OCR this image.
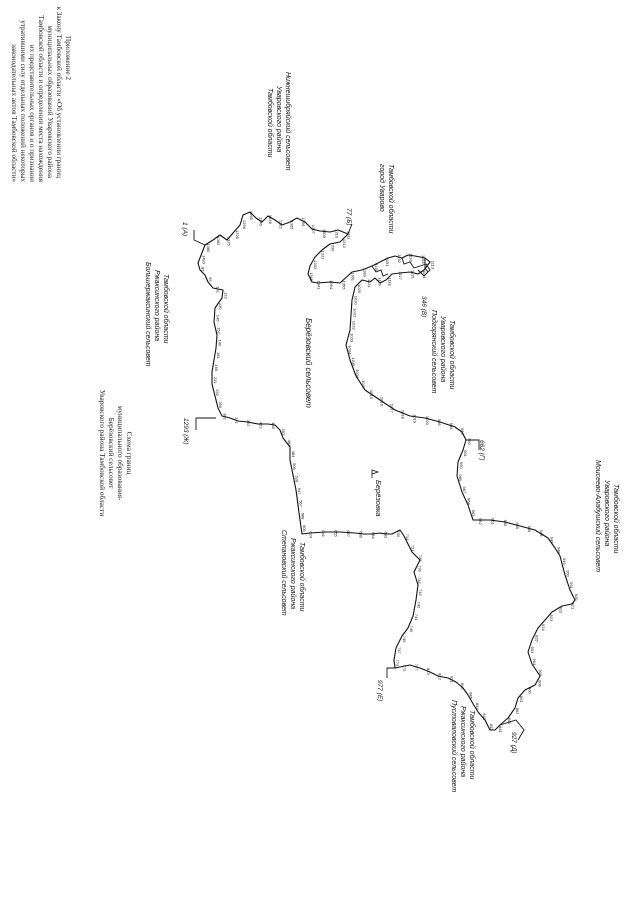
Приложение 2
к Закону Тамбовской области «Об установлении границ
муниципальных образований Уваровского района
Тамбовской области и определении места нахождения
их представительных органов и о признании
утратившими силу отдельных положений некоторых
законодательных актов Тамбовской области»
Схема границ
муниципального образования-
Берёзовский сельсовет
Уваровского района Тамбовской области
1 (А)
77 (Б)
346 (В)
662 (Г)
927 (Д)
977 (Е)
1293 (Ж)
Большержаксинский сельсовет Ржаксинского района Тамбовской области
Нижнешибряйский сельсовет
Уваровского района
Тамбовской области
город Уварово Тамбовской области
Подгорянский сельсовет Уваровского района Тамбовской области
Моисеево-Алабушский сельсовет Уваровского района Тамбовской области
Степановский сельсовет Ржаксинского района Тамбовской области
Пустоваловский сельсовет Ржаксинского района Тамбовской области
Берёзовский сельсовет
Берёзовка
1493
1380
1362 1325
1326
1296
1265
1245 1246
1222 1305 1306
1307 1309 1310 1311
1312
1330
1331
1332
1340
1341 1354 1355
1361 1189
1190
1191 1192 1193 1194
1113
1114
1115
1117
1118
1119
1121
1029
1030
1031
1032
1033
1034
1035
1036
1037
1015
1016
1017
1018 1019 1020 996
994
993
992
991
990
989
987
964
963
962 961 960 959 945
946
947
948
949
950
951
920
921
922
923
924
925
903
904
905
906
860
861
862
840
841
842
843
844
845
810
811
812
813
777
772
773
747
745
740
741
742
743
744
730
729
721
714
700
692
684
680
667
655
641
624
605
588
567
547
526
505
484
463
453
440
422
392
371
362
350
232
211
195
181
160
152
145
130
123
101
95
82
